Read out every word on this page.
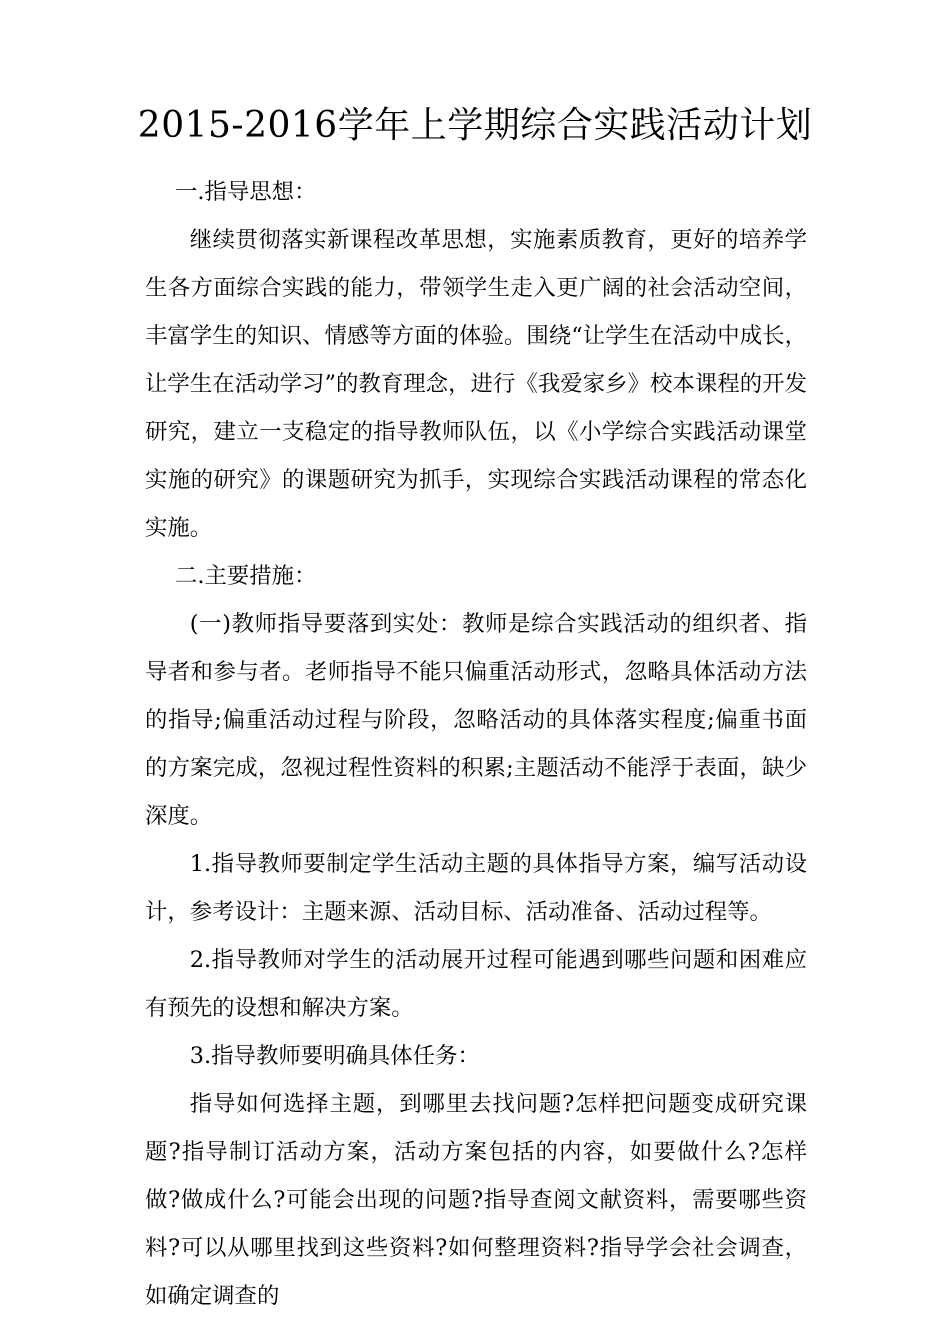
2015-2016学年上学期综合实践活动计划

一.指导思想：

继续贯彻落实新课程改革思想，实施素质教育，更好的培养学生各方面综合实践的能力，带领学生走入更广阔的社会活动空间，丰富学生的知识、情感等方面的体验。围绕“让学生在活动中成长，让学生在活动学习”的教育理念，进行《我爱家乡》校本课程的开发研究，建立一支稳定的指导教师队伍，以《小学综合实践活动课堂实施的研究》的课题研究为抓手，实现综合实践活动课程的常态化实施。

二.主要措施：

(一)教师指导要落到实处：教师是综合实践活动的组织者、指导者和参与者。老师指导不能只偏重活动形式，忽略具体活动方法的指导;偏重活动过程与阶段，忽略活动的具体落实程度;偏重书面的方案完成，忽视过程性资料的积累;主题活动不能浮于表面，缺少深度。

1.指导教师要制定学生活动主题的具体指导方案，编写活动设计，参考设计：主题来源、活动目标、活动准备、活动过程等。

2.指导教师对学生的活动展开过程可能遇到哪些问题和困难应有预先的设想和解决方案。

3.指导教师要明确具体任务：

指导如何选择主题，到哪里去找问题?怎样把问题变成研究课题?指导制订活动方案，活动方案包括的内容，如要做什么?怎样做?做成什么?可能会出现的问题?指导查阅文献资料，需要哪些资料?可以从哪里找到这些资料?如何整理资料?指导学会社会调查，如确定调查的
